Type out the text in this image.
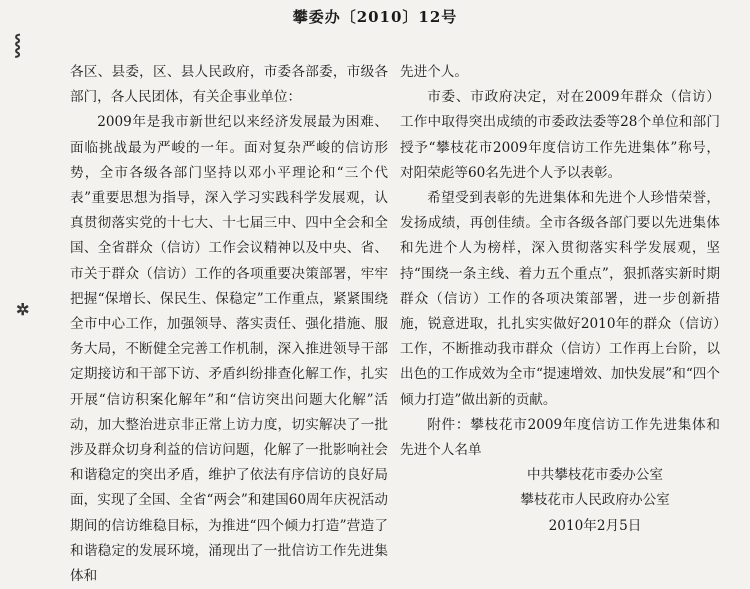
攀委办〔2010〕12号
⸾
✲

各区、县委，区、县人民政府，市委各部委，市级各部门，各人民团体，有关企事业单位：

2009年是我市新世纪以来经济发展最为困难、面临挑战最为严峻的一年。面对复杂严峻的信访形势，全市各级各部门坚持以邓小平理论和“三个代表”重要思想为指导，深入学习实践科学发展观，认真贯彻落实党的十七大、十七届三中、四中全会和全国、全省群众（信访）工作会议精神以及中央、省、市关于群众（信访）工作的各项重要决策部署，牢牢把握“保增长、保民生、保稳定”工作重点，紧紧围绕全市中心工作，加强领导、落实责任、强化措施、服务大局，不断健全完善工作机制，深入推进领导干部定期接访和干部下访、矛盾纠纷排查化解工作，扎实开展“信访积案化解年”和“信访突出问题大化解”活动，加大整治进京非正常上访力度，切实解决了一批涉及群众切身利益的信访问题，化解了一批影响社会和谐稳定的突出矛盾，维护了依法有序信访的良好局面，实现了全国、全省“两会”和建国60周年庆祝活动期间的信访维稳目标，为推进“四个倾力打造”营造了和谐稳定的发展环境，涌现出了一批信访工作先进集体和

先进个人。

市委、市政府决定，对在2009年群众（信访）工作中取得突出成绩的市委政法委等28个单位和部门授予“攀枝花市2009年度信访工作先进集体”称号，对阳荣彪等60名先进个人予以表彰。

希望受到表彰的先进集体和先进个人珍惜荣誉，发扬成绩，再创佳绩。全市各级各部门要以先进集体和先进个人为榜样，深入贯彻落实科学发展观，坚持“围绕一条主线、着力五个重点”，狠抓落实新时期群众（信访）工作的各项决策部署，进一步创新措施，锐意进取，扎扎实实做好2010年的群众（信访）工作，不断推动我市群众（信访）工作再上台阶，以出色的工作成效为全市“提速增效、加快发展”和“四个倾力打造”做出新的贡献。

附件：攀枝花市2009年度信访工作先进集体和先进个人名单

中共攀枝花市委办公室
攀枝花市人民政府办公室
2010年2月5日
